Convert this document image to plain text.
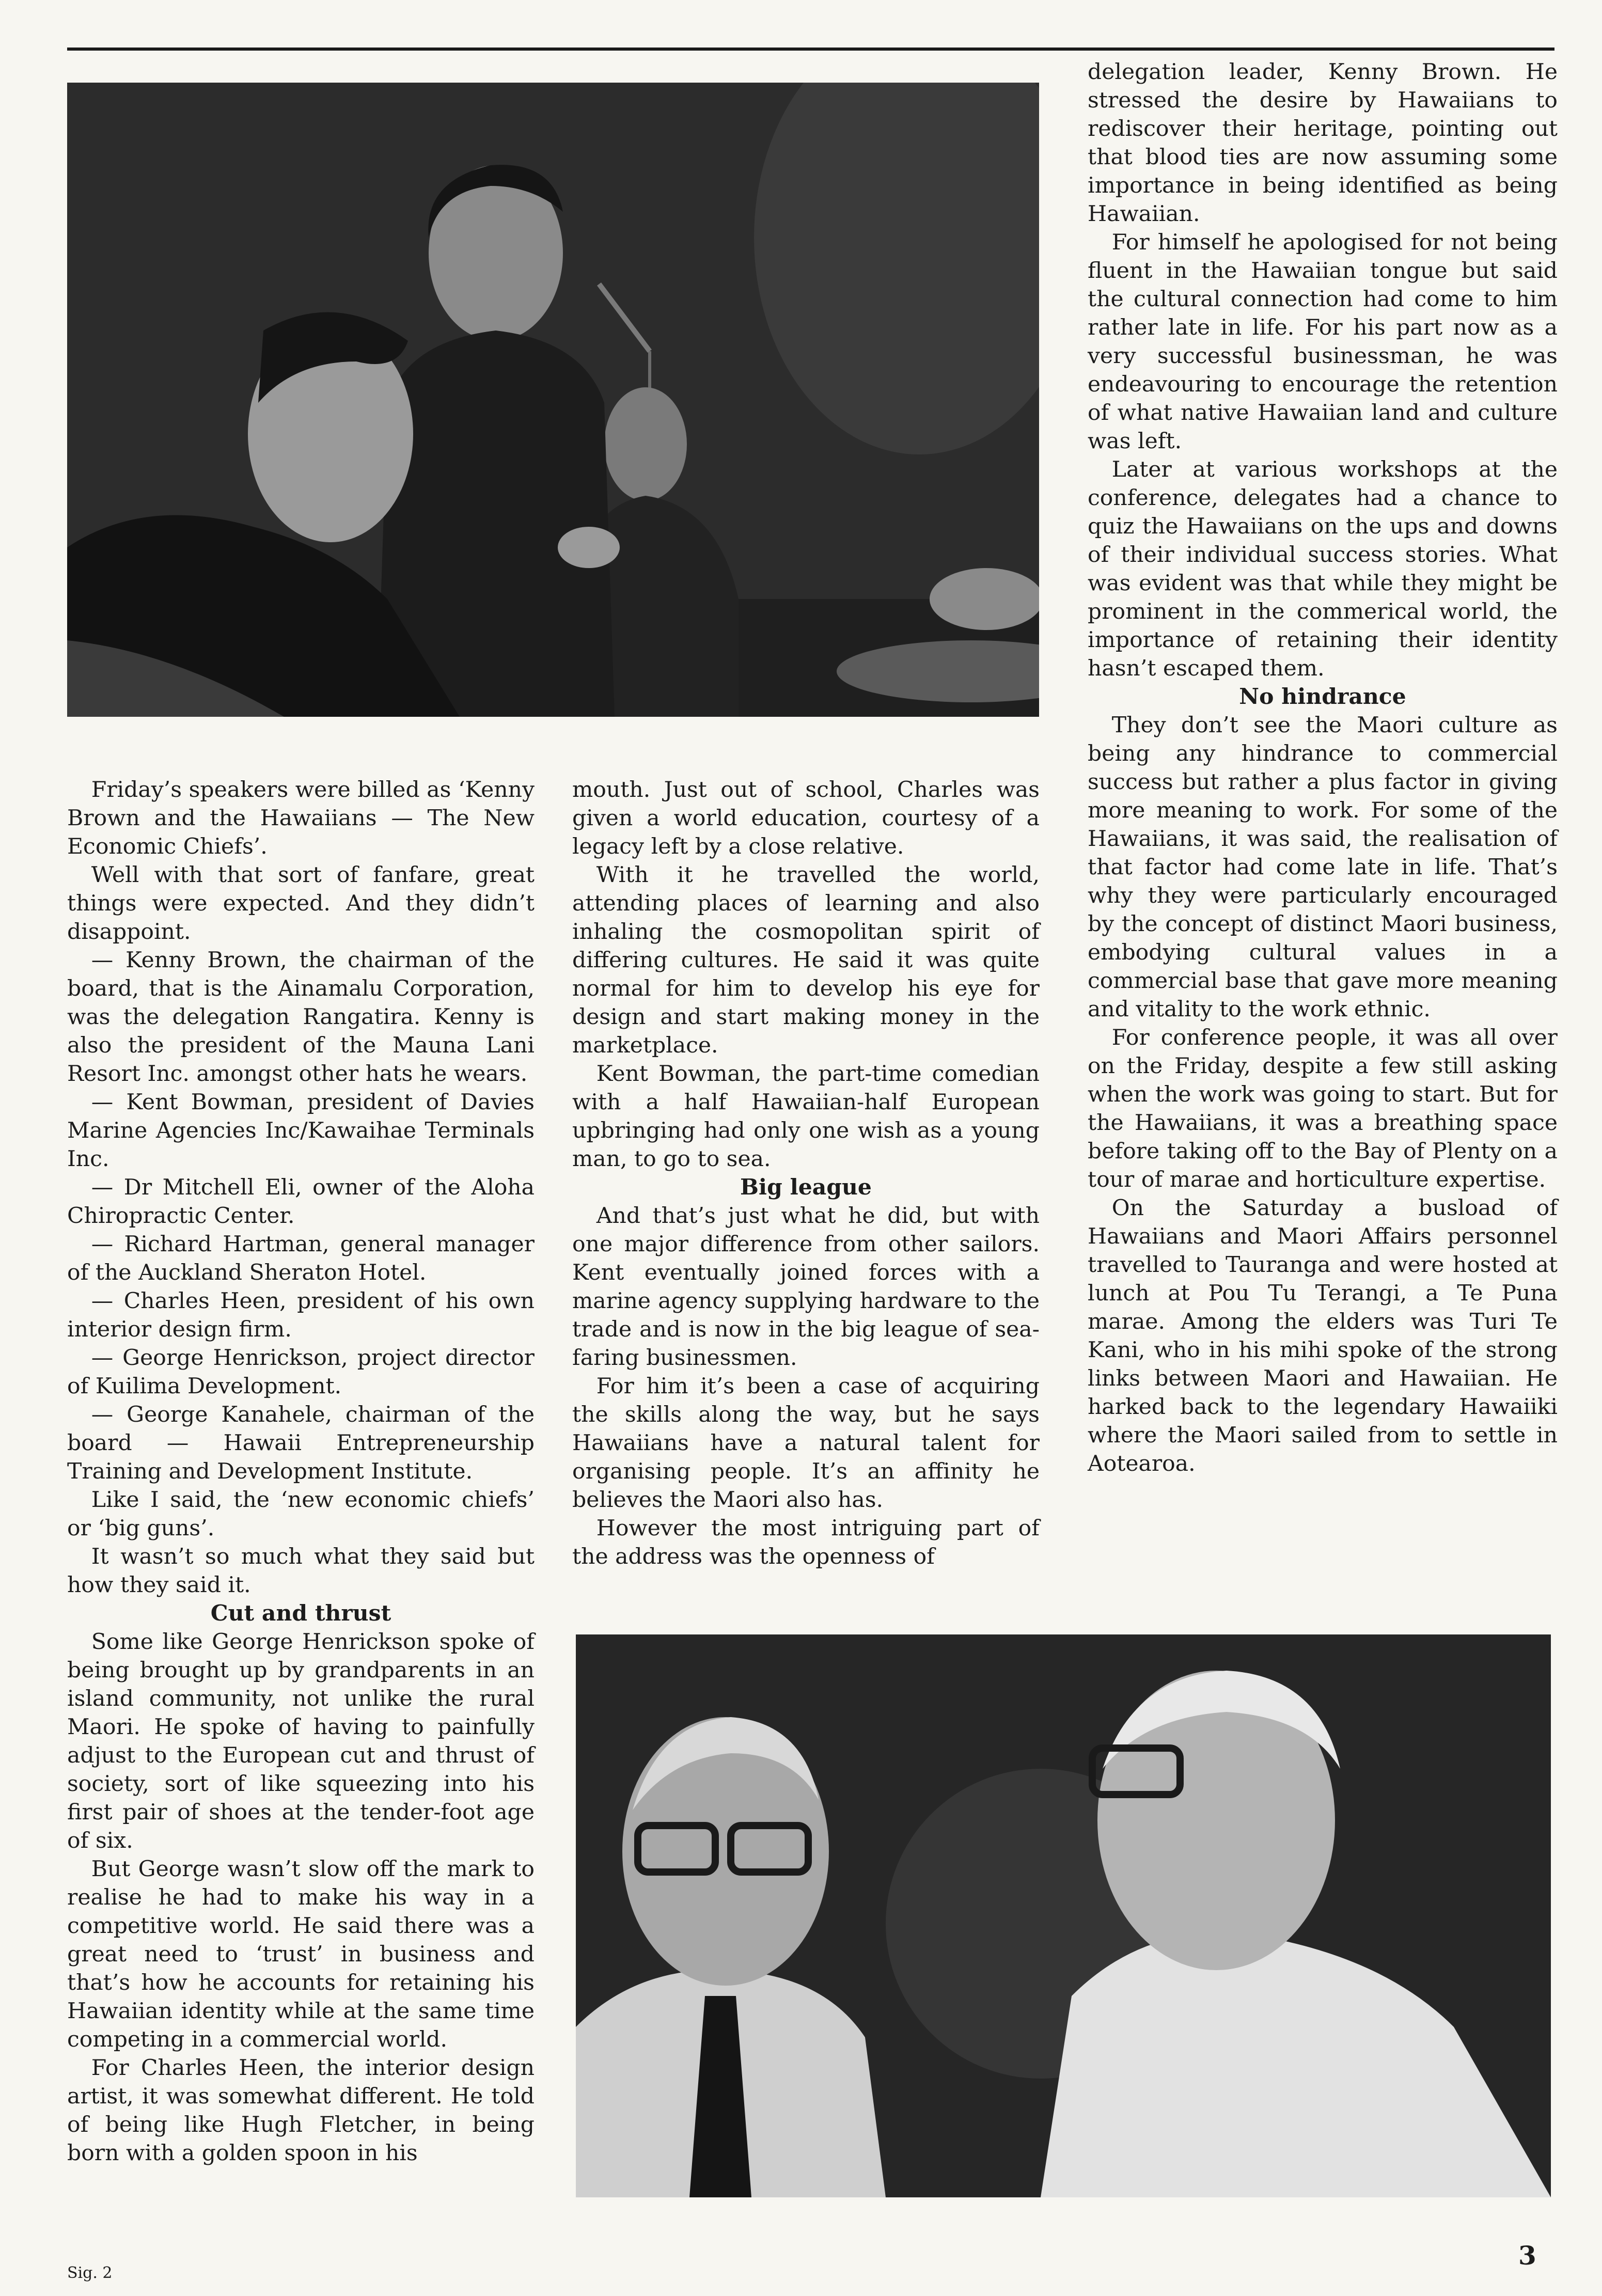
Friday’s speakers were billed as ‘Kenny Brown and the Hawaiians — The New Economic Chiefs’.

Well with that sort of fanfare, great things were expected. And they didn’t disappoint.

— Kenny Brown, the chairman of the board, that is the Ainamalu Corporation, was the delegation Rangatira. Kenny is also the president of the Mauna Lani Resort Inc. amongst other hats he wears.

— Kent Bowman, president of Davies Marine Agencies Inc/Kawaihae Terminals Inc.

— Dr Mitchell Eli, owner of the Aloha Chiropractic Center.

— Richard Hartman, general manager of the Auckland Sheraton Hotel.

— Charles Heen, president of his own interior design firm.

— George Henrickson, project director of Kuilima Development.

— George Kanahele, chairman of the board — Hawaii Entrepreneurship Training and Development Institute.

Like I said, the ‘new economic chiefs’ or ‘big guns’.

It wasn’t so much what they said but how they said it.

Cut and thrust

Some like George Henrickson spoke of being brought up by grandparents in an island community, not unlike the rural Maori. He spoke of having to painfully adjust to the European cut and thrust of society, sort of like squeezing into his first pair of shoes at the tender-foot age of six.

But George wasn’t slow off the mark to realise he had to make his way in a competitive world. He said there was a great need to ‘trust’ in business and that’s how he accounts for retaining his Hawaiian identity while at the same time competing in a commercial world.

For Charles Heen, the interior design artist, it was somewhat different. He told of being like Hugh Fletcher, in being born with a golden spoon in his

mouth. Just out of school, Charles was given a world education, courtesy of a legacy left by a close relative.

With it he travelled the world, attending places of learning and also inhaling the cosmopolitan spirit of differing cultures. He said it was quite normal for him to develop his eye for design and start making money in the marketplace.

Kent Bowman, the part-time comedian with a half Hawaiian-half European upbringing had only one wish as a young man, to go to sea.

Big league

And that’s just what he did, but with one major difference from other sailors. Kent eventually joined forces with a marine agency supplying hardware to the trade and is now in the big league of sea-faring businessmen.

For him it’s been a case of acquiring the skills along the way, but he says Hawaiians have a natural talent for organising people. It’s an affinity he believes the Maori also has.

However the most intriguing part of the address was the openness of

delegation leader, Kenny Brown. He stressed the desire by Hawaiians to rediscover their heritage, pointing out that blood ties are now assuming some importance in being identified as being Hawaiian.

For himself he apologised for not being fluent in the Hawaiian tongue but said the cultural connection had come to him rather late in life. For his part now as a very successful businessman, he was endeavouring to encourage the retention of what native Hawaiian land and culture was left.

Later at various workshops at the conference, delegates had a chance to quiz the Hawaiians on the ups and downs of their individual success stories. What was evident was that while they might be prominent in the commerical world, the importance of retaining their identity hasn’t escaped them.

No hindrance

They don’t see the Maori culture as being any hindrance to commercial success but rather a plus factor in giving more meaning to work. For some of the Hawaiians, it was said, the realisation of that factor had come late in life. That’s why they were particularly encouraged by the concept of distinct Maori business, embodying cultural values in a commercial base that gave more meaning and vitality to the work ethnic.

For conference people, it was all over on the Friday, despite a few still asking when the work was going to start. But for the Hawaiians, it was a breathing space before taking off to the Bay of Plenty on a tour of marae and horticulture expertise.

On the Saturday a busload of Hawaiians and Maori Affairs personnel travelled to Tauranga and were hosted at lunch at Pou Tu Terangi, a Te Puna marae. Among the elders was Turi Te Kani, who in his mihi spoke of the strong links between Maori and Hawaiian. He harked back to the legendary Hawaiiki where the Maori sailed from to settle in Aotearoa.

Sig. 2
3
